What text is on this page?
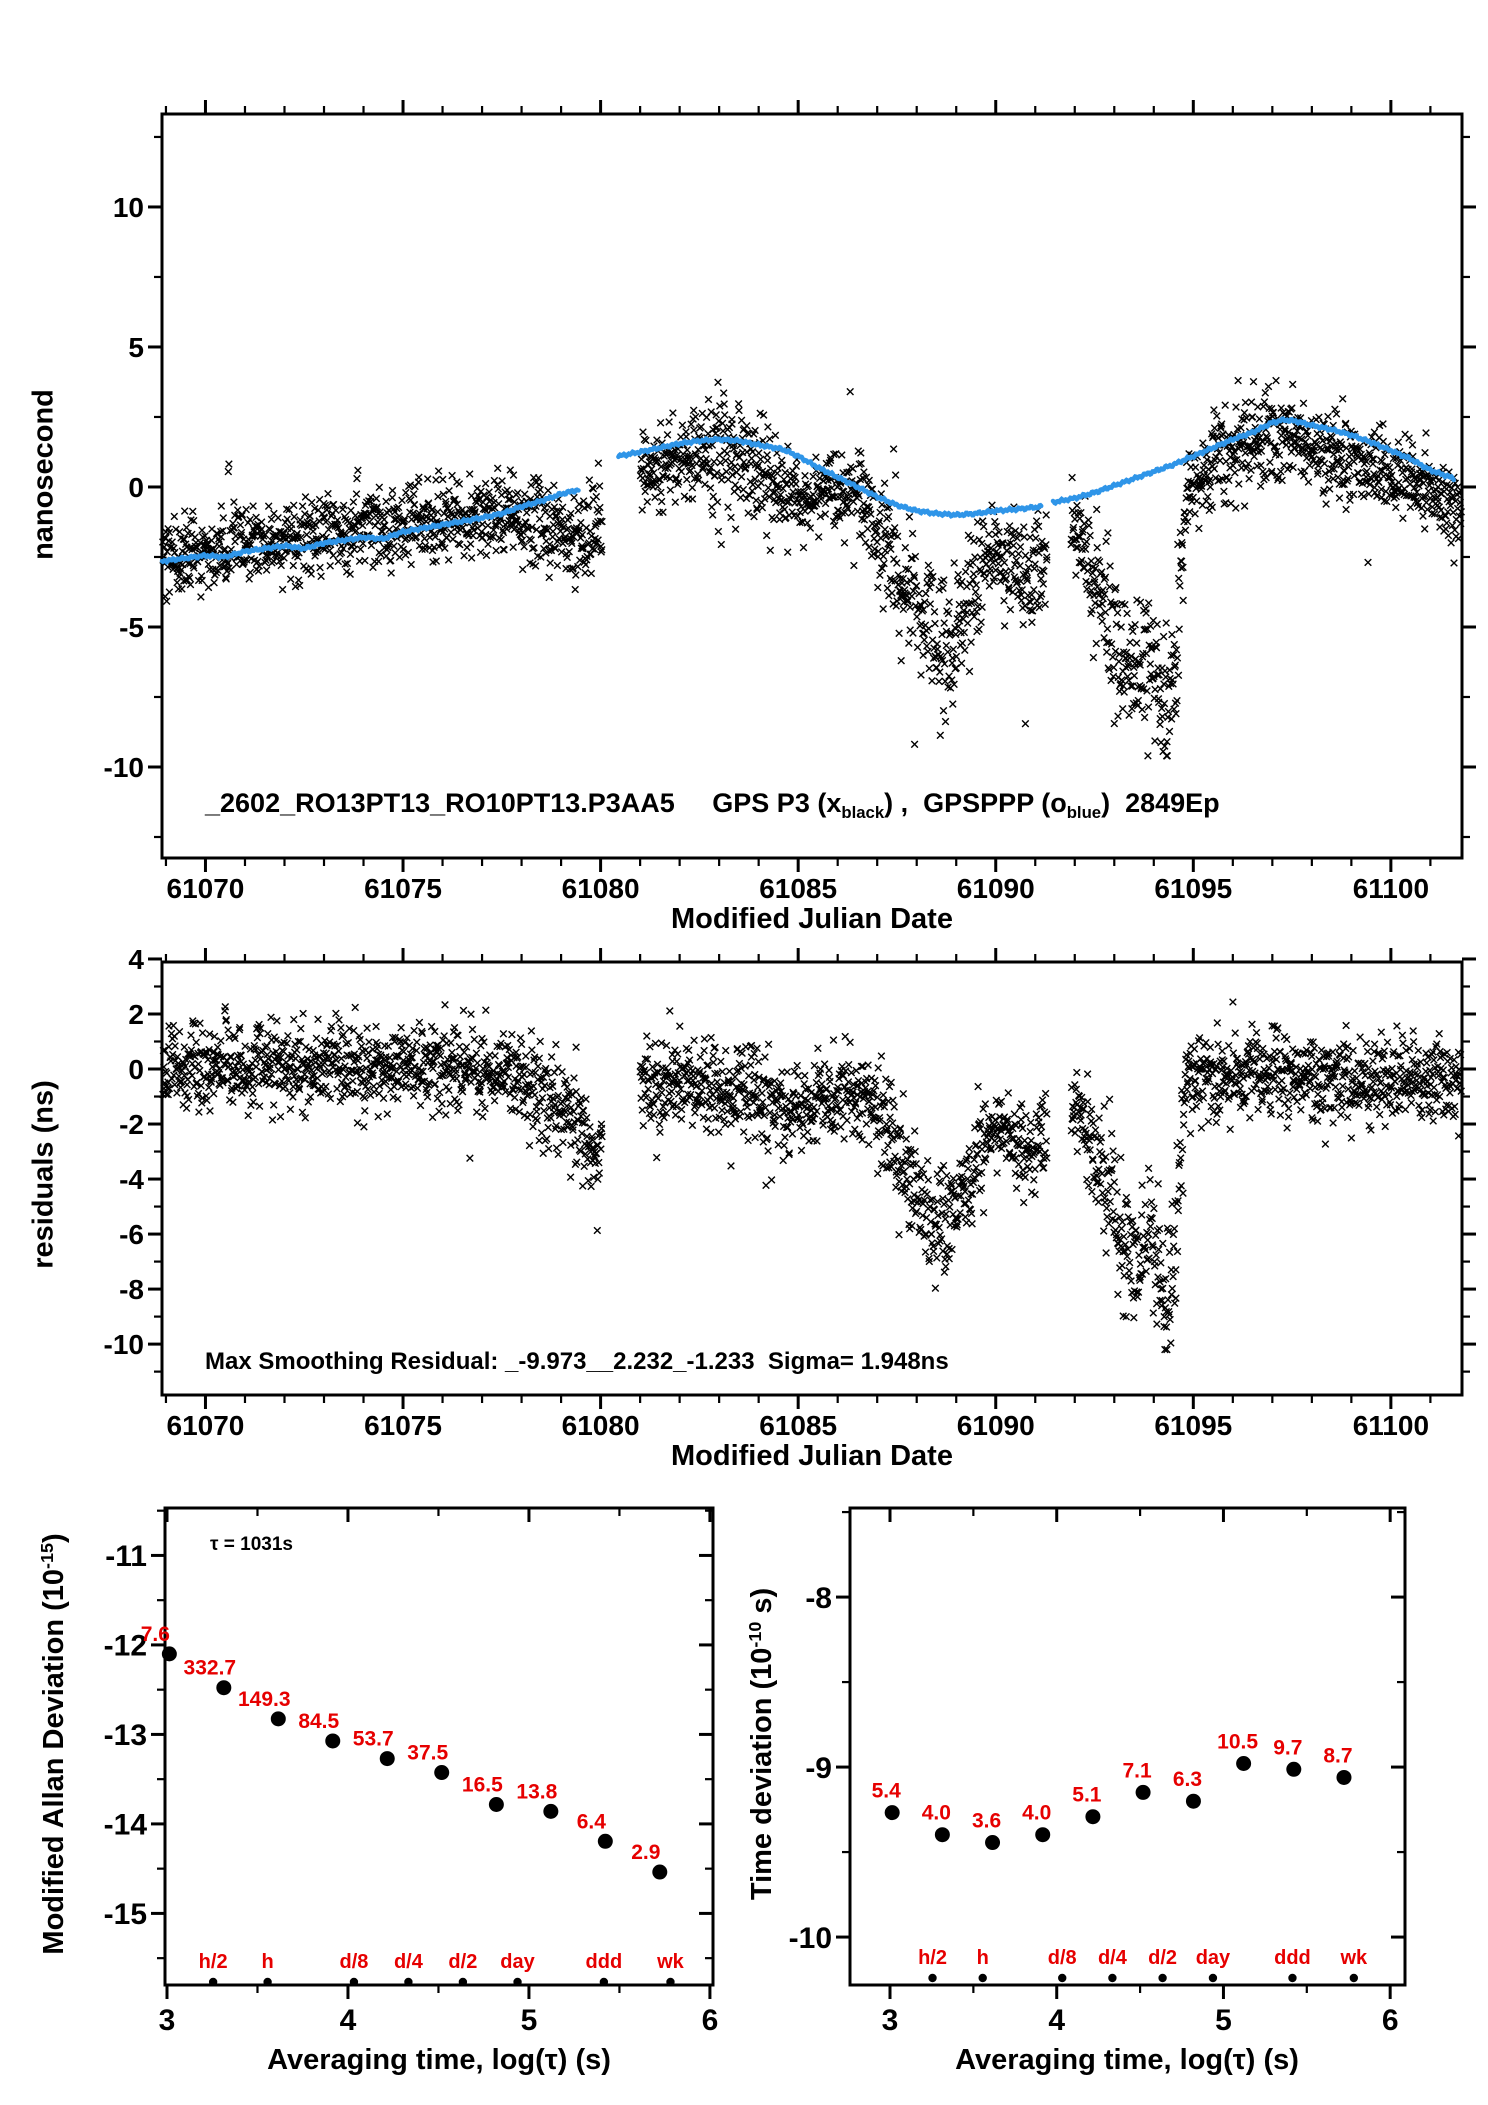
61070	61075	61080	61085	61090	61095	61100
10
5
0
-5
-10
61070	61075	61080	61085	61090	61095	61100
4
2
0
-2
-4
-6
-8
-10
3	4	5	6
-11
-12
-13
-14
-15
h/2 h	d/8 d/4 d/2 day	ddd wk
7.6
332.7
149.3
84.5
53.7
37.5
16.5 13.8
6.4
2.9
3	4	5	6
-8
-9
-10
h/2 h	d/8 d/4 d/2 day ddd wk
5.4
4.0 3.6 4.0
5.1
7.1 6.3
10.5 9.7 8.7
nanosecond
residuals (ns)
Modified Allan Deviation $(10^{-15})$
Time deviation ($10^{-10}$ s)
Modified Julian Date
Modified Julian Date
Averaging time, log(τ) (s)	Averaging time, log(τ) (s)
_2602_RO13PT13_RO10PT13.P3AA5     GPS P3 $(x_{black})$ ,  GPSPPP $(o_{blue})$  2849Ep
Max Smoothing Residual: _-9.973__2.232_-1.233  Sigma= 1.948ns
τ = 1031s
